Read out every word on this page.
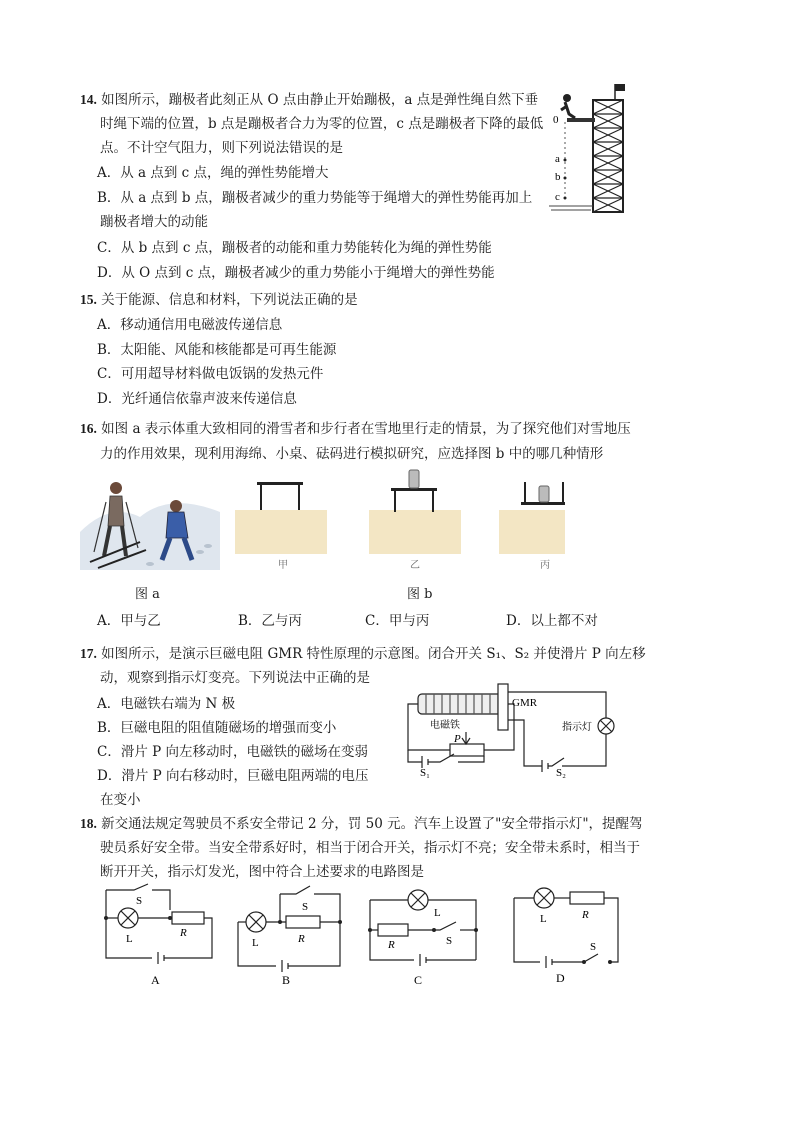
14. 如图所示，蹦极者此刻正从 O 点由静止开始蹦极，a 点是弹性绳自然下垂
时绳下端的位置，b 点是蹦极者合力为零的位置，c 点是蹦极者下降的最低
点。不计空气阻力，则下列说法错误的是
A．从 a 点到 c 点，绳的弹性势能增大
B．从 a 点到 b 点，蹦极者减少的重力势能等于绳增大的弹性势能再加上
蹦极者增大的动能
C．从 b 点到 c 点，蹦极者的动能和重力势能转化为绳的弹性势能
D．从 O 点到 c 点，蹦极者减少的重力势能小于绳增大的弹性势能
0
a
b
c
15. 关于能源、信息和材料，下列说法正确的是
A．移动通信用电磁波传递信息
B．太阳能、风能和核能都是可再生能源
C．可用超导材料做电饭锅的发热元件
D．光纤通信依靠声波来传递信息
16. 如图 a 表示体重大致相同的滑雪者和步行者在雪地里行走的情景，为了探究他们对雪地压
力的作用效果，现利用海绵、小桌、砝码进行模拟研究，应选择图 b 中的哪几种情形
图 a
甲	乙	丙
图 b
A．甲与乙	B．乙与丙	C．甲与丙	D．以上都不对
17. 如图所示，是演示巨磁电阻 GMR 特性原理的示意图。闭合开关 S₁、S₂ 并使滑片 P 向左移
动，观察到指示灯变亮。下列说法中正确的是
A．电磁铁右端为 N 极
B．巨磁电阻的阻值随磁场的增强而变小
C．滑片 P 向左移动时，电磁铁的磁场在变弱
D．滑片 P 向右移动时，巨磁电阻两端的电压
在变小
GMR
电磁铁	指示灯
P
S₁	S₂
18. 新交通法规定驾驶员不系安全带记 2 分，罚 50 元。汽车上设置了"安全带指示灯"，提醒驾
驶员系好安全带。当安全带系好时，相当于闭合开关，指示灯不亮；安全带未系时，相当于
断开开关，指示灯发光，图中符合上述要求的电路图是
S
L	R
A
S
L	R
B
L
R	S
C
L	R
S
D
